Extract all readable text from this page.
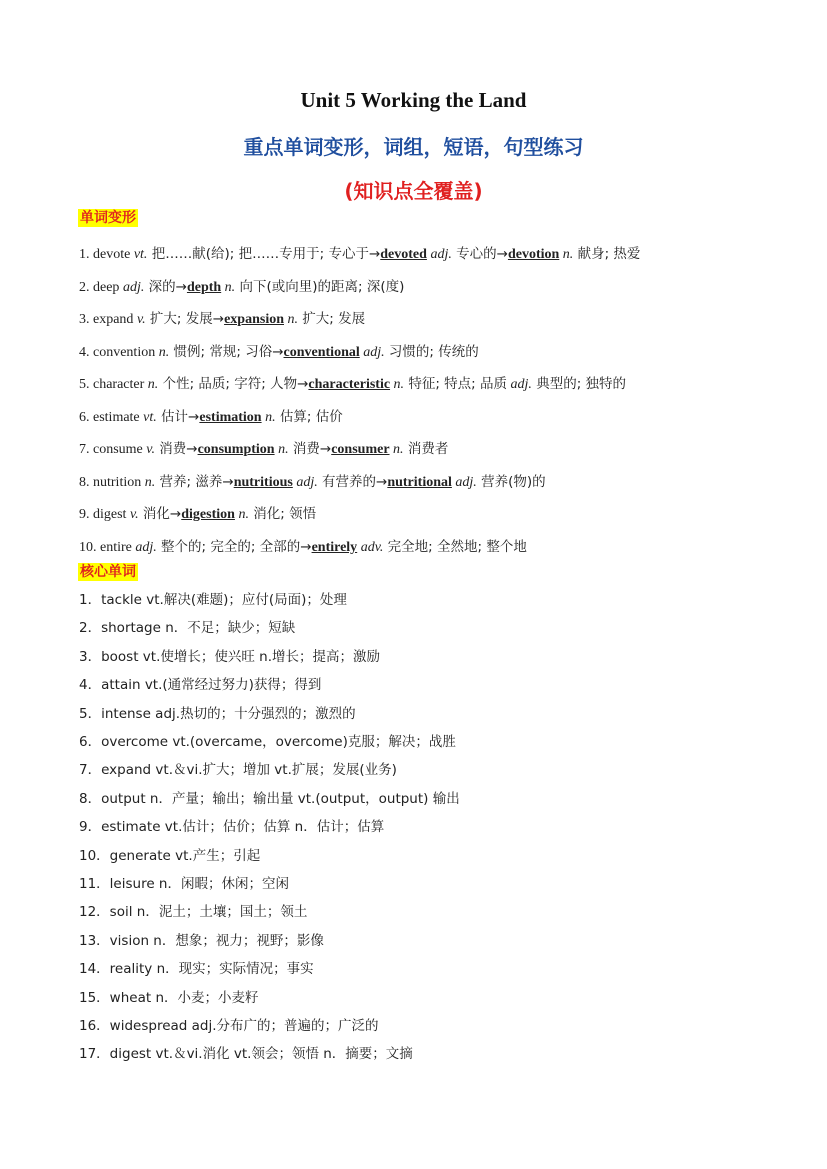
Unit 5 Working the Land
重点单词变形，词组，短语，句型练习
(知识点全覆盖)
单词变形
1. devote vt. 把……献(给); 把……专用于; 专心于→devoted adj. 专心的→devotion n. 献身; 热爱
2. deep adj. 深的→depth n. 向下(或向里)的距离; 深(度)
3. expand v. 扩大; 发展→expansion n. 扩大; 发展
4. convention n. 惯例; 常规; 习俗→conventional adj. 习惯的; 传统的
5. character n. 个性; 品质; 字符; 人物→characteristic n. 特征; 特点; 品质 adj. 典型的; 独特的
6. estimate vt. 估计→estimation n. 估算; 估价
7. consume v. 消费→consumption n. 消费→consumer n. 消费者
8. nutrition n. 营养; 滋养→nutritious adj. 有营养的→nutritional adj. 营养(物)的
9. digest v. 消化→digestion n. 消化; 领悟
10. entire adj. 整个的; 完全的; 全部的→entirely adv. 完全地; 全然地; 整个地
核心单词
1．tackle vt.解决(难题)；应付(局面)；处理
2．shortage n．不足；缺少；短缺
3．boost vt.使增长；使兴旺 n.增长；提高；激励
4．attain vt.(通常经过努力)获得；得到
5．intense adj.热切的；十分强烈的；激烈的
6．overcome vt.(overcame，overcome)克服；解决；战胜
7．expand vt.＆vi.扩大；增加 vt.扩展；发展(业务)
8．output n．产量；输出；输出量 vt.(output，output) 输出
9．estimate vt.估计；估价；估算 n．估计；估算
10．generate vt.产生；引起
11．leisure n．闲暇；休闲；空闲
12．soil n．泥土；土壤；国土；领土
13．vision n．想象；视力；视野；影像
14．reality n．现实；实际情况；事实
15．wheat n．小麦；小麦籽
16．widespread adj.分布广的；普遍的；广泛的
17．digest vt.＆vi.消化 vt.领会；领悟 n．摘要；文摘
